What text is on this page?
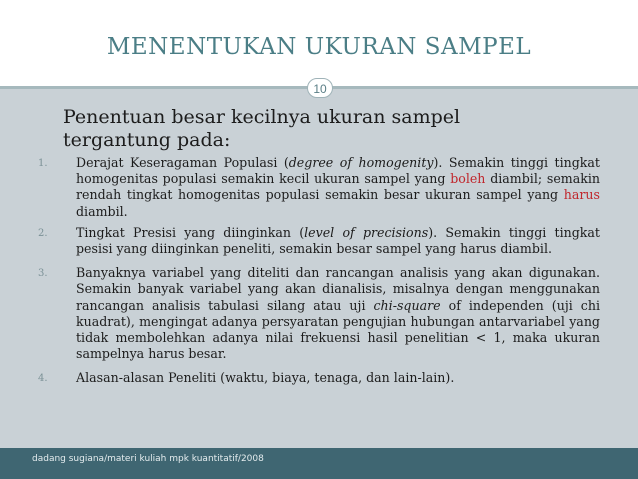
MENENTUKAN UKURAN SAMPEL
10
Penentuan besar kecilnya ukuran sampel tergantung pada:
1. Derajat Keseragaman Populasi (degree of homogenity). Semakin tinggi tingkat homogenitas populasi semakin kecil ukuran sampel yang boleh diambil; semakin rendah tingkat homogenitas populasi semakin besar ukuran sampel yang harus diambil.
2. Tingkat Presisi yang diinginkan (level of precisions). Semakin tinggi tingkat pesisi yang diinginkan peneliti, semakin besar sampel yang harus diambil.
3. Banyaknya variabel yang diteliti dan rancangan analisis yang akan digunakan. Semakin banyak variabel yang akan dianalisis, misalnya dengan menggunakan rancangan analisis tabulasi silang atau uji chi-square of independen (uji chi kuadrat), mengingat adanya persyaratan pengujian hubungan antarvariabel yang tidak membolehkan adanya nilai frekuensi hasil penelitian < 1, maka ukuran sampelnya harus besar.
4. Alasan-alasan Peneliti (waktu, biaya, tenaga, dan lain-lain).
dadang sugiana/materi kuliah mpk kuantitatif/2008
